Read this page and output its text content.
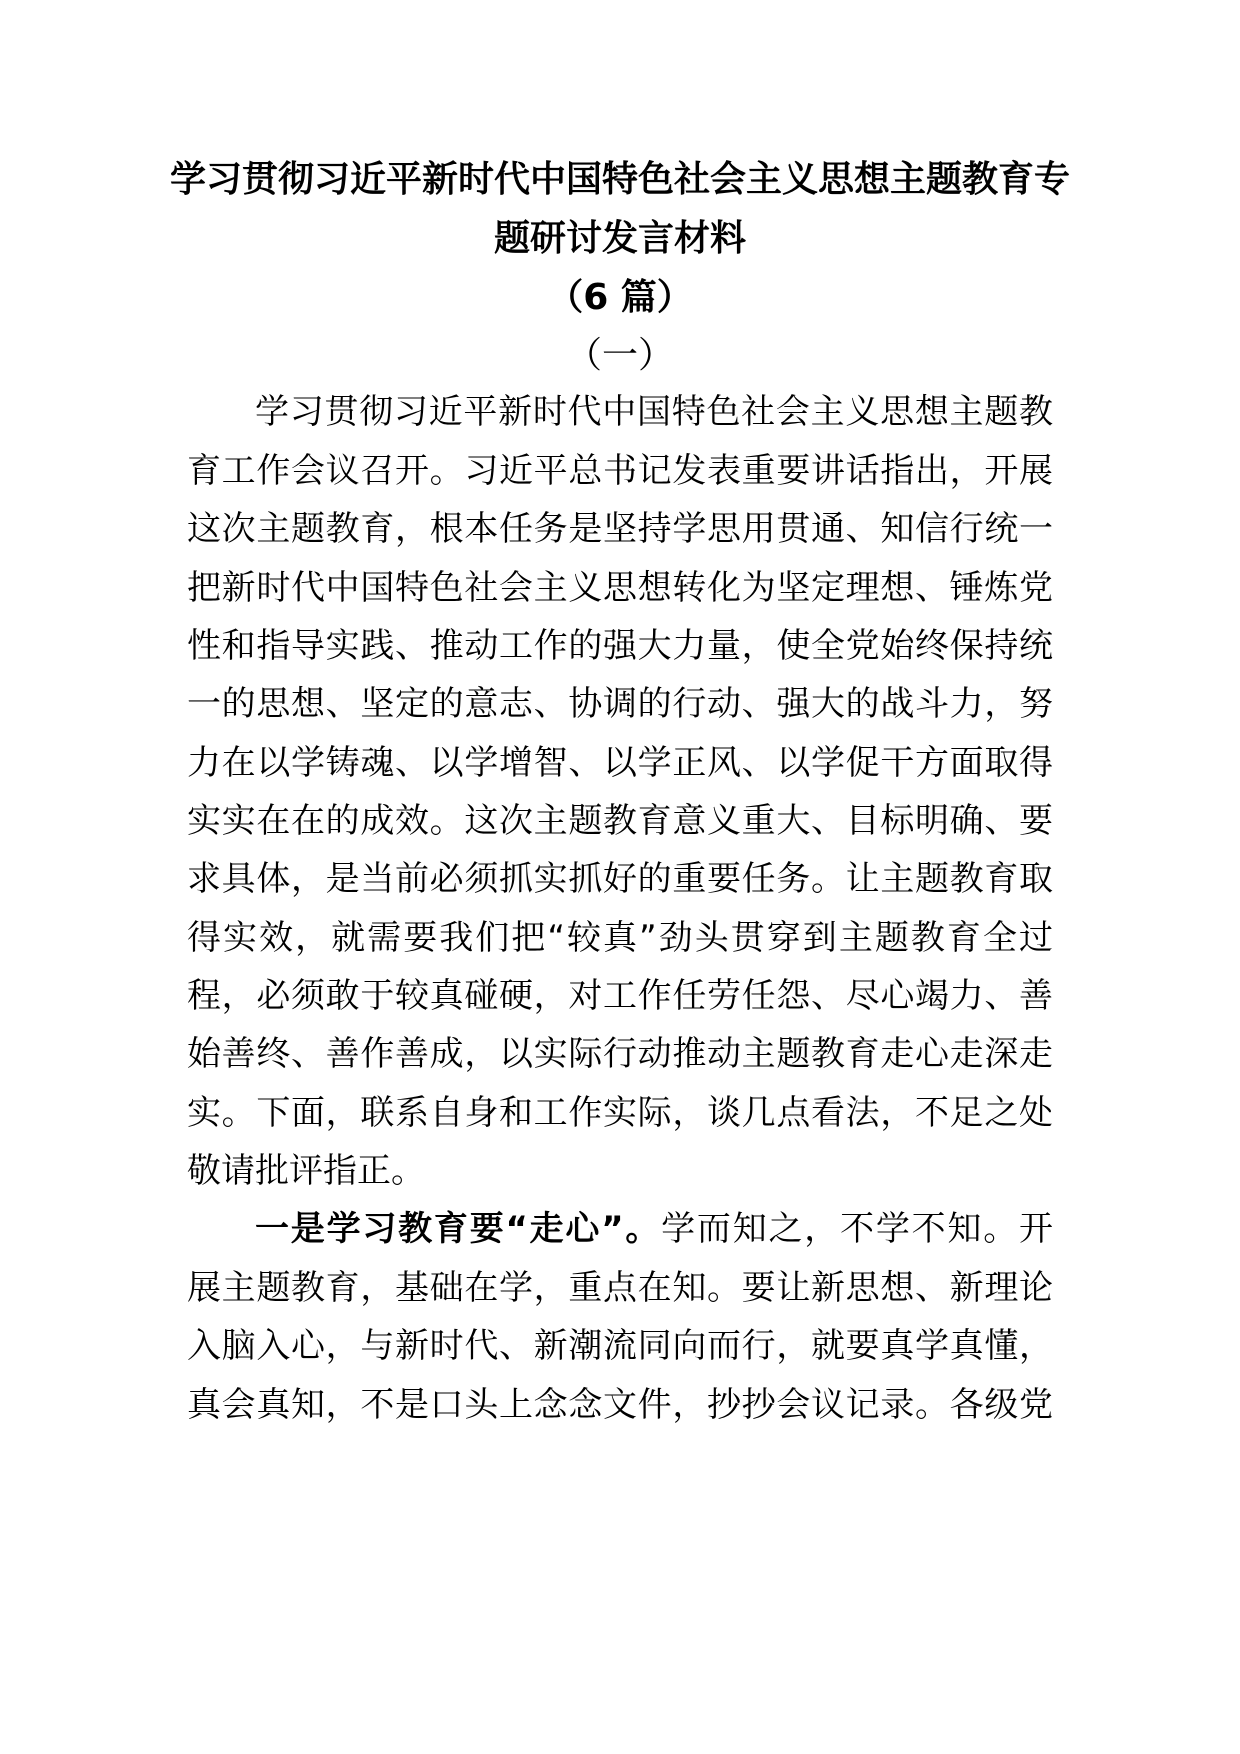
学习贯彻习近平新时代中国特色社会主义思想主题教育专
题研讨发言材料
（6 篇）
（一）
学习贯彻习近平新时代中国特色社会主义思想主题教
育工作会议召开。习近平总书记发表重要讲话指出，开展
这次主题教育，根本任务是坚持学思用贯通、知信行统一
把新时代中国特色社会主义思想转化为坚定理想、锤炼党
性和指导实践、推动工作的强大力量，使全党始终保持统
一的思想、坚定的意志、协调的行动、强大的战斗力，努
力在以学铸魂、以学增智、以学正风、以学促干方面取得
实实在在的成效。这次主题教育意义重大、目标明确、要
求具体，是当前必须抓实抓好的重要任务。让主题教育取
得实效，就需要我们把“较真”劲头贯穿到主题教育全过
程，必须敢于较真碰硬，对工作任劳任怨、尽心竭力、善
始善终、善作善成，以实际行动推动主题教育走心走深走
实。下面，联系自身和工作实际，谈几点看法，不足之处
敬请批评指正。
一是学习教育要“走心”。学而知之，不学不知。开
展主题教育，基础在学，重点在知。要让新思想、新理论
入脑入心，与新时代、新潮流同向而行，就要真学真懂，
真会真知，不是口头上念念文件，抄抄会议记录。各级党
